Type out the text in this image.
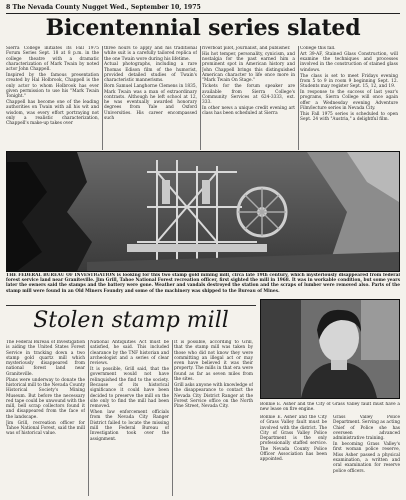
8 The Nevada County Nugget Wed., September 10, 1975
Bicentennial series slated

Sierra College initiates its Fall 1975 Forum Series Sept. 18 at 8 p.m. in the college theatre with a dramatic characterization of Mark Twain by noted actor John Chappell.

Inspired by the famous presentation created by Hal Holbrook, Chappell is the only actor to whom Holbrook has ever given permission to use his "Mark Twain Tonight."

Chappell has become one of the leading authorities on Twain with all his wit and wisdom, was every effort portraying not only a realistic characterization, Chappell's make-up takes over

three hours to apply and his traditional white suit is a carefully tailored replica of the one Twain wore during his lifetime.

Actual photographs, including a rare Thomas Edison film of the humorist, provided detailed studies of Twain's characteristic mannerisms.

Born Samuel Langhorne Clemens in 1835, Mark Twain was a man of extraordinary contrasts. Although he left school at 12, he was eventually awarded honorary degrees from Yale and Oxford Universities. His career encompassed such

riverboat pilot, journalist, and publisher.

His hot temper, personality, cynicism, and nostalgia for the past earned him a prominent spot in American history and John Chappell brings this distinguished American character to life once more in "Mark Twain On Stage."

Tickets for the forum speaker are available from Sierra College's Community Services at 624-3333, ext. 333.

In other news a unique credit evening art class has been scheduled at Sierra

College this fall.

Art 39-AF, Stained Glass Construction, will examine the techniques and processes involved in the construction of stained glass windows.

The class is set to meet Fridays evening from 5 to 9 in room 9 beginning Sept. 12. Students may register Sept. 15, 12, and 19.

In response to the success of last year's programs, Sierra College will once again offer a Wednesday evening Adventure Film/lecture series in Nevada City.

This Fall 1975 series is scheduled to open Sept. 24 with "Austria," a delightful film.

THE FEDERAL BUREAU OF INVESTIGATION is looking for this two stamp gold mining mill, circa late 19th century, which mysteriously disappeared from federal forest service land near Graniteville. Jim Grill, Tahoe National Forest recreation officer, first sighted the mill in 1968. It was in workable condition, but some years later the owners said the stamps and the battery were gone. Weather and vandals destroyed the station and the scraps of lumber were removed also. Parts of the stamp mill were found in an Old Miners Foundry and some of the machinery was shipped to the Bureau of Mines.
Stolen stamp mill

The Federal Bureau of Investigation is aiding the United States Forest Service in tracking down a two stamp gold quartz mill which mysteriously disappeared from national forest land near Graniteville.

Plans were underway to donate the historical mill to the Nevada County Historical Society's Mining Museum. But before the necessary red tape could be unwound with the mill, bell scrap collectors found it and disappeared from the face of the landscape.

Jim Grill, recreation officer for Tahoe National Forest, said the mill was of historical value.

National Antiquities Act must be satisfied, he said. This included clearance by the TNF historian and archeologist and a series of clear reviews.

It is possible, Grill said, that the government would not have relinquished the find to the society. Because of its historical significance it could have been decided to preserve the mill on the site only to find the mill had been removed.

When law enforcement officials from the Nevada City Ranger District failed to locate the missing mill the Federal Bureau of Investigation took over the assignment.

It is possible, according to Grill, that the stamp mill was taken by those who did not know they were committing an illegal act or may even have believed it was their property. The mills in that era were found as far as seven miles from the sites.

Grill asks anyone with knowledge of the disappearance to contact the Nevada City District Ranger at the Forest Service office on the North Pine Street, Nevada City.	Bonnie E. Asher and the City of Grass Valley fault must have a new lease on fire engine.

Bonnie E. Asher and the City of Grass Valley fault must be involved with the district. The City of Grass Valley Police Department is the only professionally staffed service. The Nevada County Police Officer Association has been appointed.

Grass Valley Police Department. Serving as acting Chief of Police she has overseen advanced administrative training.

In becoming Grass Valley's first woman police reserve, Miss Asher passed a physical examination, a written and oral examination for reserve police officers.
